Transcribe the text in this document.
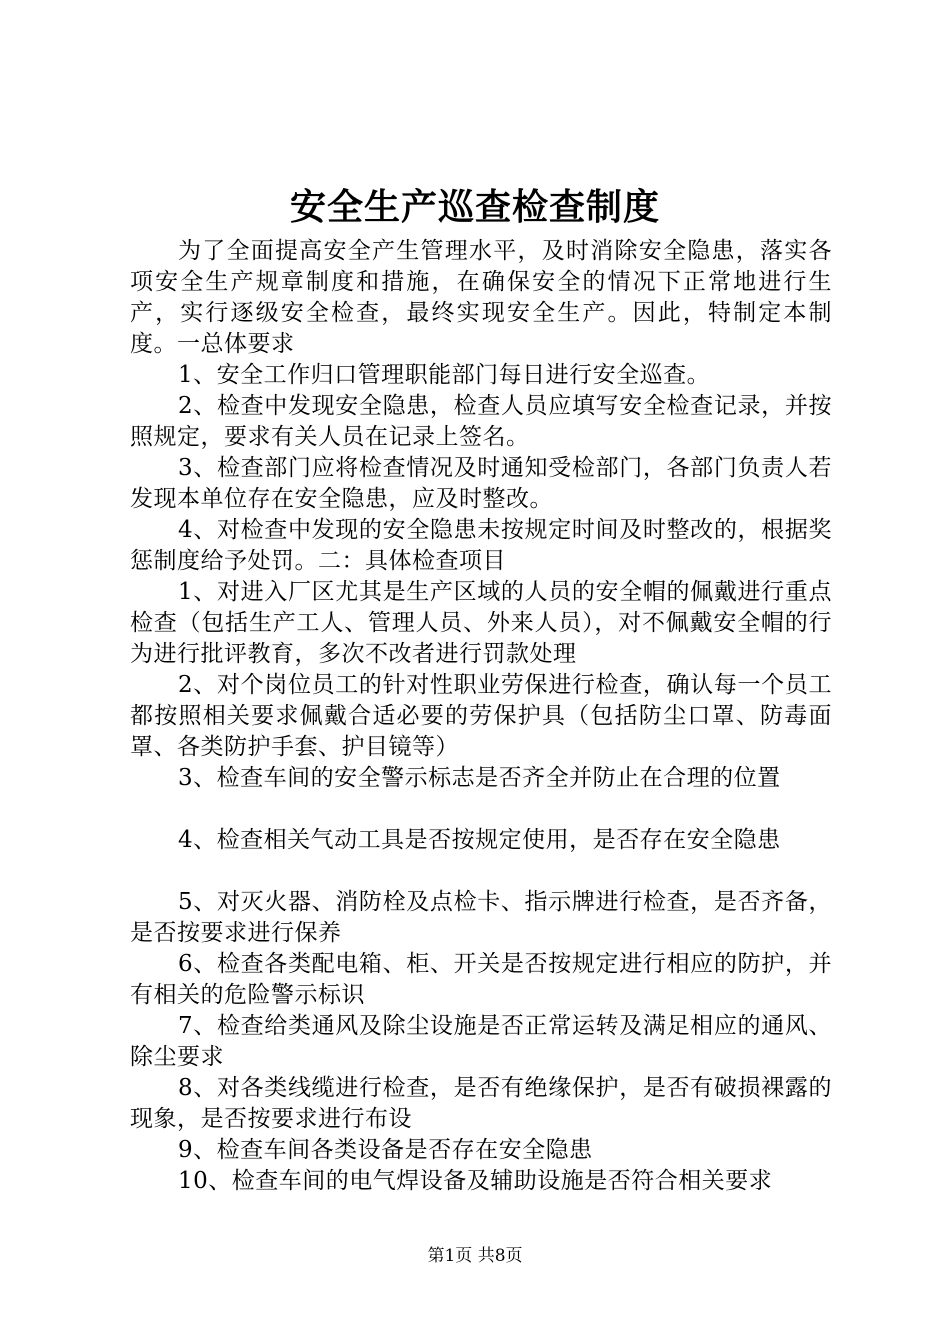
安全生产巡查检查制度

为了全面提高安全产生管理水平，及时消除安全隐患，落实各项安全生产规章制度和措施，在确保安全的情况下正常地进行生产，实行逐级安全检查，最终实现安全生产。因此，特制定本制度。一总体要求

1、安全工作归口管理职能部门每日进行安全巡查。

2、检查中发现安全隐患，检查人员应填写安全检查记录，并按照规定，要求有关人员在记录上签名。

3、检查部门应将检查情况及时通知受检部门，各部门负责人若发现本单位存在安全隐患，应及时整改。

4、对检查中发现的安全隐患未按规定时间及时整改的，根据奖惩制度给予处罚。二：具体检查项目

1、对进入厂区尤其是生产区域的人员的安全帽的佩戴进行重点检查（包括生产工人、管理人员、外来人员），对不佩戴安全帽的行为进行批评教育，多次不改者进行罚款处理

2、对个岗位员工的针对性职业劳保进行检查，确认每一个员工都按照相关要求佩戴合适必要的劳保护具（包括防尘口罩、防毒面罩、各类防护手套、护目镜等）

3、检查车间的安全警示标志是否齐全并防止在合理的位置

4、检查相关气动工具是否按规定使用，是否存在安全隐患

5、对灭火器、消防栓及点检卡、指示牌进行检查，是否齐备，是否按要求进行保养

6、检查各类配电箱、柜、开关是否按规定进行相应的防护，并有相关的危险警示标识

7、检查给类通风及除尘设施是否正常运转及满足相应的通风、除尘要求

8、对各类线缆进行检查，是否有绝缘保护，是否有破损裸露的现象，是否按要求进行布设

9、检查车间各类设备是否存在安全隐患

10、检查车间的电气焊设备及辅助设施是否符合相关要求

第1页 共8页
